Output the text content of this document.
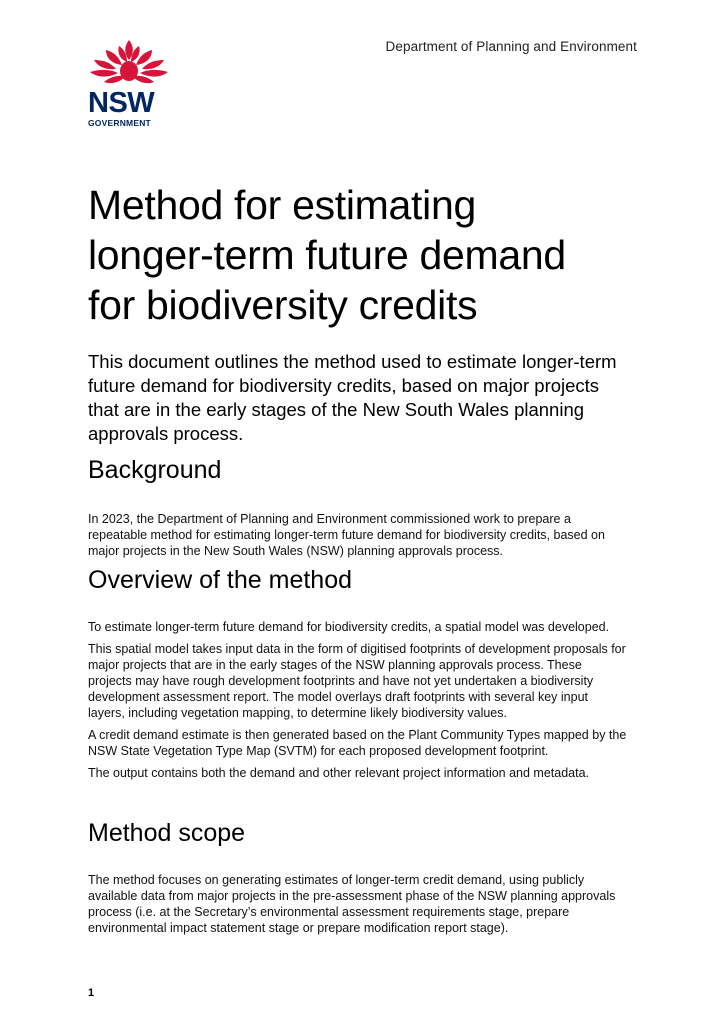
Department of Planning and Environment
NSW
GOVERNMENT
Method for estimating
longer-term future demand
for biodiversity credits

This document outlines the method used to estimate longer-term future demand for biodiversity credits, based on major projects that are in the early stages of the New South Wales planning approvals process.

Background

In 2023, the Department of Planning and Environment commissioned work to prepare a repeatable method for estimating longer-term future demand for biodiversity credits, based on major projects in the New South Wales (NSW) planning approvals process.

Overview of the method

To estimate longer-term future demand for biodiversity credits, a spatial model was developed.

This spatial model takes input data in the form of digitised footprints of development proposals for major projects that are in the early stages of the NSW planning approvals process. These projects may have rough development footprints and have not yet undertaken a biodiversity development assessment report. The model overlays draft footprints with several key input layers, including vegetation mapping, to determine likely biodiversity values.

A credit demand estimate is then generated based on the Plant Community Types mapped by the NSW State Vegetation Type Map (SVTM) for each proposed development footprint.

The output contains both the demand and other relevant project information and metadata.

Method scope

The method focuses on generating estimates of longer-term credit demand, using publicly available data from major projects in the pre-assessment phase of the NSW planning approvals process (i.e. at the Secretary’s environmental assessment requirements stage, prepare environmental impact statement stage or prepare modification report stage).

1
